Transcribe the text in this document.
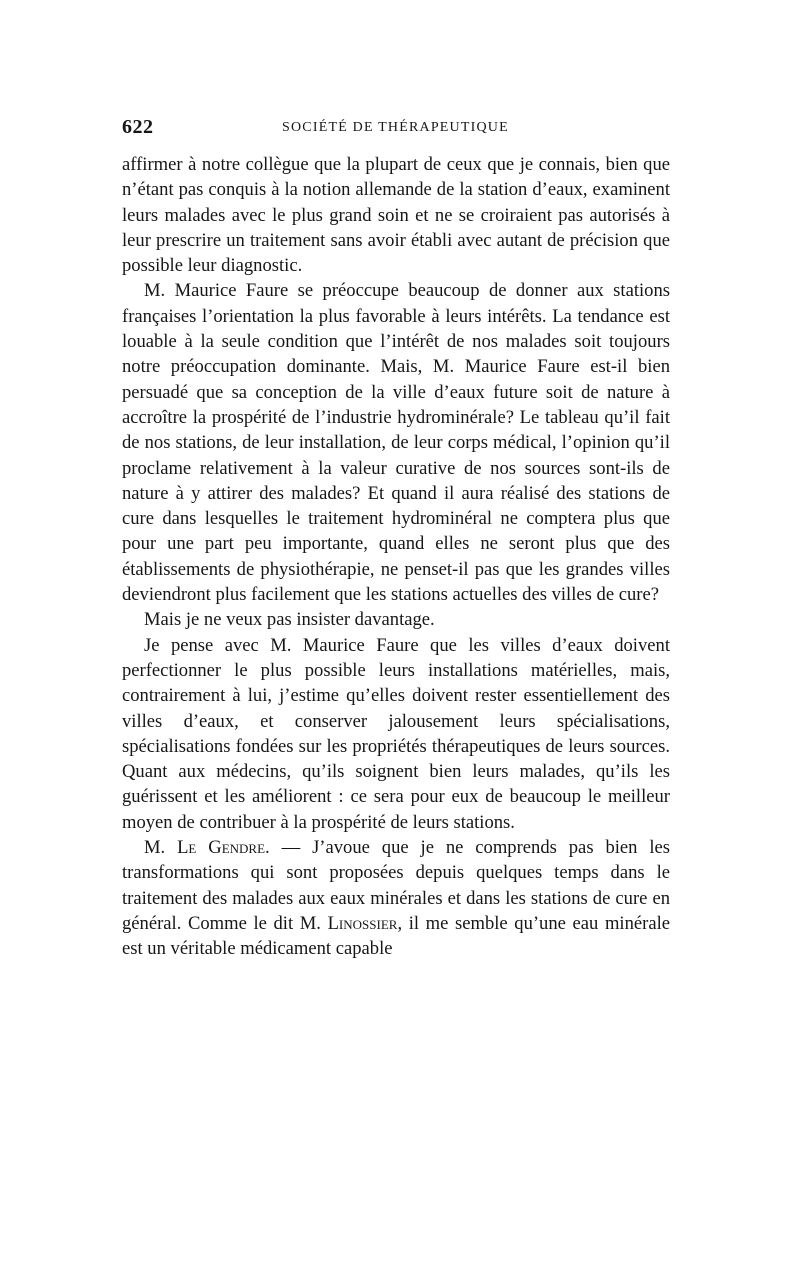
622	SOCIÉTÉ DE THÉRAPEUTIQUE

affirmer à notre collègue que la plupart de ceux que je connais, bien que n’étant pas conquis à la notion allemande de la station d’eaux, examinent leurs malades avec le plus grand soin et ne se croiraient pas autorisés à leur prescrire un traitement sans avoir établi avec autant de précision que possible leur diagnostic.

M. Maurice Faure se préoccupe beaucoup de donner aux stations françaises l’orientation la plus favorable à leurs intérêts. La tendance est louable à la seule condition que l’intérêt de nos malades soit toujours notre préoccupation dominante. Mais, M. Maurice Faure est-il bien persuadé que sa conception de la ville d’eaux future soit de nature à accroître la prospérité de l’industrie hydrominérale? Le tableau qu’il fait de nos stations, de leur installation, de leur corps médical, l’opinion qu’il proclame relativement à la valeur curative de nos sources sont-ils de nature à y attirer des malades? Et quand il aura réalisé des stations de cure dans lesquelles le traitement hydrominéral ne comptera plus que pour une part peu importante, quand elles ne seront plus que des établissements de physiothérapie, ne penset-il pas que les grandes villes deviendront plus facilement que les stations actuelles des villes de cure?

Mais je ne veux pas insister davantage.

Je pense avec M. Maurice Faure que les villes d’eaux doivent perfectionner le plus possible leurs installations matérielles, mais, contrairement à lui, j’estime qu’elles doivent rester essentiellement des villes d’eaux, et conserver jalousement leurs spécialisations, spécialisations fondées sur les propriétés thérapeutiques de leurs sources. Quant aux médecins, qu’ils soignent bien leurs malades, qu’ils les guérissent et les améliorent : ce sera pour eux de beaucoup le meilleur moyen de contribuer à la prospérité de leurs stations.

M. Le Gendre. — J’avoue que je ne comprends pas bien les transformations qui sont proposées depuis quelques temps dans le traitement des malades aux eaux minérales et dans les stations de cure en général. Comme le dit M. Linossier, il me semble qu’une eau minérale est un véritable médicament capable
